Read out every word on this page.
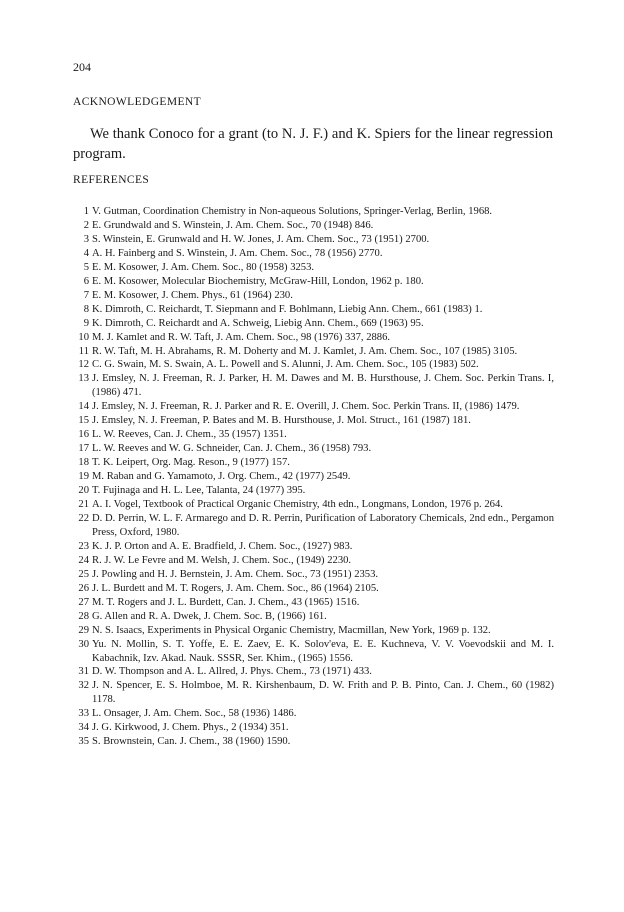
204
ACKNOWLEDGEMENT
We thank Conoco for a grant (to N. J. F.) and K. Spiers for the linear regression program.
REFERENCES
1 V. Gutman, Coordination Chemistry in Non-aqueous Solutions, Springer-Verlag, Berlin, 1968.
2 E. Grundwald and S. Winstein, J. Am. Chem. Soc., 70 (1948) 846.
3 S. Winstein, E. Grunwald and H. W. Jones, J. Am. Chem. Soc., 73 (1951) 2700.
4 A. H. Fainberg and S. Winstein, J. Am. Chem. Soc., 78 (1956) 2770.
5 E. M. Kosower, J. Am. Chem. Soc., 80 (1958) 3253.
6 E. M. Kosower, Molecular Biochemistry, McGraw-Hill, London, 1962 p. 180.
7 E. M. Kosower, J. Chem. Phys., 61 (1964) 230.
8 K. Dimroth, C. Reichardt, T. Siepmann and F. Bohlmann, Liebig Ann. Chem., 661 (1983) 1.
9 K. Dimroth, C. Reichardt and A. Schweig, Liebig Ann. Chem., 669 (1963) 95.
10 M. J. Kamlet and R. W. Taft, J. Am. Chem. Soc., 98 (1976) 337, 2886.
11 R. W. Taft, M. H. Abrahams, R. M. Doherty and M. J. Kamlet, J. Am. Chem. Soc., 107 (1985) 3105.
12 C. G. Swain, M. S. Swain, A. L. Powell and S. Alunni, J. Am. Chem. Soc., 105 (1983) 502.
13 J. Emsley, N. J. Freeman, R. J. Parker, H. M. Dawes and M. B. Hursthouse, J. Chem. Soc. Perkin Trans. I, (1986) 471.
14 J. Emsley, N. J. Freeman, R. J. Parker and R. E. Overill, J. Chem. Soc. Perkin Trans. II, (1986) 1479.
15 J. Emsley, N. J. Freeman, P. Bates and M. B. Hursthouse, J. Mol. Struct., 161 (1987) 181.
16 L. W. Reeves, Can. J. Chem., 35 (1957) 1351.
17 L. W. Reeves and W. G. Schneider, Can. J. Chem., 36 (1958) 793.
18 T. K. Leipert, Org. Mag. Reson., 9 (1977) 157.
19 M. Raban and G. Yamamoto, J. Org. Chem., 42 (1977) 2549.
20 T. Fujinaga and H. L. Lee, Talanta, 24 (1977) 395.
21 A. I. Vogel, Textbook of Practical Organic Chemistry, 4th edn., Longmans, London, 1976 p. 264.
22 D. D. Perrin, W. L. F. Armarego and D. R. Perrin, Purification of Laboratory Chemicals, 2nd edn., Pergamon Press, Oxford, 1980.
23 K. J. P. Orton and A. E. Bradfield, J. Chem. Soc., (1927) 983.
24 R. J. W. Le Fevre and M. Welsh, J. Chem. Soc., (1949) 2230.
25 J. Powling and H. J. Bernstein, J. Am. Chem. Soc., 73 (1951) 2353.
26 J. L. Burdett and M. T. Rogers, J. Am. Chem. Soc., 86 (1964) 2105.
27 M. T. Rogers and J. L. Burdett, Can. J. Chem., 43 (1965) 1516.
28 G. Allen and R. A. Dwek, J. Chem. Soc. B, (1966) 161.
29 N. S. Isaacs, Experiments in Physical Organic Chemistry, Macmillan, New York, 1969 p. 132.
30 Yu. N. Mollin, S. T. Yoffe, E. E. Zaev, E. K. Solov'eva, E. E. Kuchneva, V. V. Voevodskii and M. I. Kabachnik, Izv. Akad. Nauk. SSSR, Ser. Khim., (1965) 1556.
31 D. W. Thompson and A. L. Allred, J. Phys. Chem., 73 (1971) 433.
32 J. N. Spencer, E. S. Holmboe, M. R. Kirshenbaum, D. W. Frith and P. B. Pinto, Can. J. Chem., 60 (1982) 1178.
33 L. Onsager, J. Am. Chem. Soc., 58 (1936) 1486.
34 J. G. Kirkwood, J. Chem. Phys., 2 (1934) 351.
35 S. Brownstein, Can. J. Chem., 38 (1960) 1590.
